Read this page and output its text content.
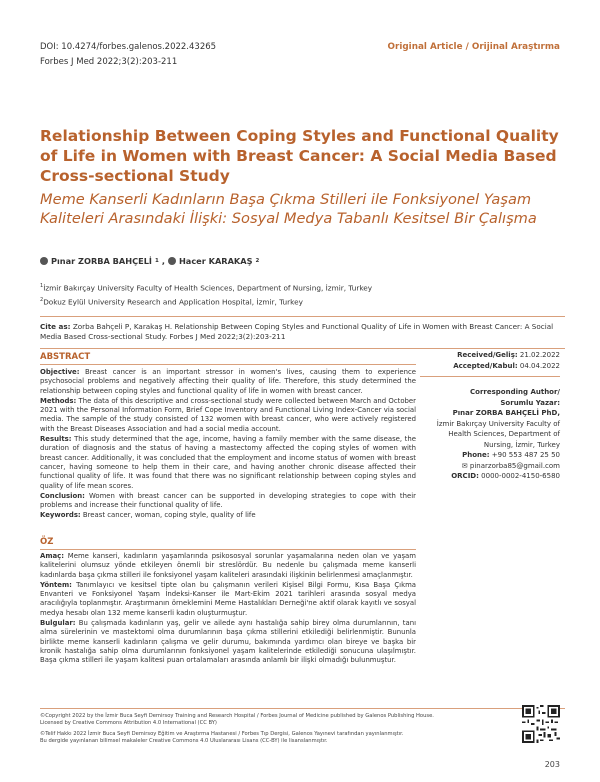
DOI: 10.4274/forbes.galenos.2022.43265
Forbes J Med 2022;3(2):203-211
Original Article / Orijinal Araştırma
Relationship Between Coping Styles and Functional Quality of Life in Women with Breast Cancer: A Social Media Based Cross-sectional Study
Meme Kanserli Kadınların Başa Çıkma Stilleri ile Fonksiyonel Yaşam Kaliteleri Arasındaki İlişki: Sosyal Medya Tabanlı Kesitsel Bir Çalışma
Pınar ZORBA BAHÇELİ 1 , Hacer KARAKAŞ 2
$^1$İzmir Bakırçay University Faculty of Health Sciences, Department of Nursing, İzmir, Turkey
$^2$Dokuz Eylül University Research and Application Hospital, İzmir, Turkey
Cite as: Zorba Bahçeli P, Karakaş H. Relationship Between Coping Styles and Functional Quality of Life in Women with Breast Cancer: A Social Media Based Cross-sectional Study. Forbes J Med 2022;3(2):203-211
ABSTRACT

Objective: Breast cancer is an important stressor in women's lives, causing them to experience psychosocial problems and negatively affecting their quality of life. Therefore, this study determined the relationship between coping styles and functional quality of life in women with breast cancer.

Methods: The data of this descriptive and cross-sectional study were collected between March and October 2021 with the Personal Information Form, Brief Cope Inventory and Functional Living Index-Cancer via social media. The sample of the study consisted of 132 women with breast cancer, who were actively registered with the Breast Diseases Association and had a social media account.

Results: This study determined that the age, income, having a family member with the same disease, the duration of diagnosis and the status of having a mastectomy affected the coping styles of women with breast cancer. Additionally, it was concluded that the employment and income status of women with breast cancer, having someone to help them in their care, and having another chronic disease affected their functional quality of life. It was found that there was no significant relationship between coping styles and quality of life mean scores.

Conclusion: Women with breast cancer can be supported in developing strategies to cope with their problems and increase their functional quality of life.

Keywords: Breast cancer, woman, coping style, quality of life

ÖZ

Amaç: Meme kanseri, kadınların yaşamlarında psikososyal sorunlar yaşamalarına neden olan ve yaşam kalitelerini olumsuz yönde etkileyen önemli bir streslördür. Bu nedenle bu çalışmada meme kanserli kadınlarda başa çıkma stilleri ile fonksiyonel yaşam kaliteleri arasındaki ilişkinin belirlenmesi amaçlanmıştır.

Yöntem: Tanımlayıcı ve kesitsel tipte olan bu çalışmanın verileri Kişisel Bilgi Formu, Kısa Başa Çıkma Envanteri ve Fonksiyonel Yaşam İndeksi-Kanser ile Mart-Ekim 2021 tarihleri arasında sosyal medya aracılığıyla toplanmıştır. Araştırmanın örneklemini Meme Hastalıkları Derneği'ne aktif olarak kayıtlı ve sosyal medya hesabı olan 132 meme kanserli kadın oluşturmuştur.

Bulgular: Bu çalışmada kadınların yaş, gelir ve ailede aynı hastalığa sahip birey olma durumlarının, tanı alma sürelerinin ve mastektomi olma durumlarının başa çıkma stillerini etkilediği belirlenmiştir. Bununla birlikte meme kanserli kadınların çalışma ve gelir durumu, bakımında yardımcı olan bireye ve başka bir kronik hastalığa sahip olma durumlarının fonksiyonel yaşam kalitelerinde etkilediği sonucuna ulaşılmıştır. Başa çıkma stilleri ile yaşam kalitesi puan ortalamaları arasında anlamlı bir ilişki olmadığı bulunmuştur.

Received/Geliş: 21.02.2022
Accepted/Kabul: 04.04.2022
Corresponding Author/
Sorumlu Yazar:
Pınar ZORBA BAHÇELİ PhD,
İzmir Bakırçay University Faculty of Health Sciences, Department of Nursing, İzmir, Turkey
Phone: +90 553 487 25 50
✉ pinarzorba85@gmail.com
ORCID: 0000-0002-4150-6580
©Copyright 2022 by the İzmir Buca Seyfi Demirsoy Training and Research Hospital / Forbes Journal of Medicine published by Galenos Publishing House.
Licensed by Creative Commons Attribution 4.0 International (CC BY)
©Telif Hakkı 2022 İzmir Buca Seyfi Demirsoy Eğitim ve Araştırma Hastanesi / Forbes Tıp Dergisi, Galenos Yayınevi tarafından yayınlanmıştır.
Bu dergide yayınlanan bilimsel makaleler Creative Commons 4.0 Uluslararası Lisans (CC-BY) ile lisanslanmıştır.
203
